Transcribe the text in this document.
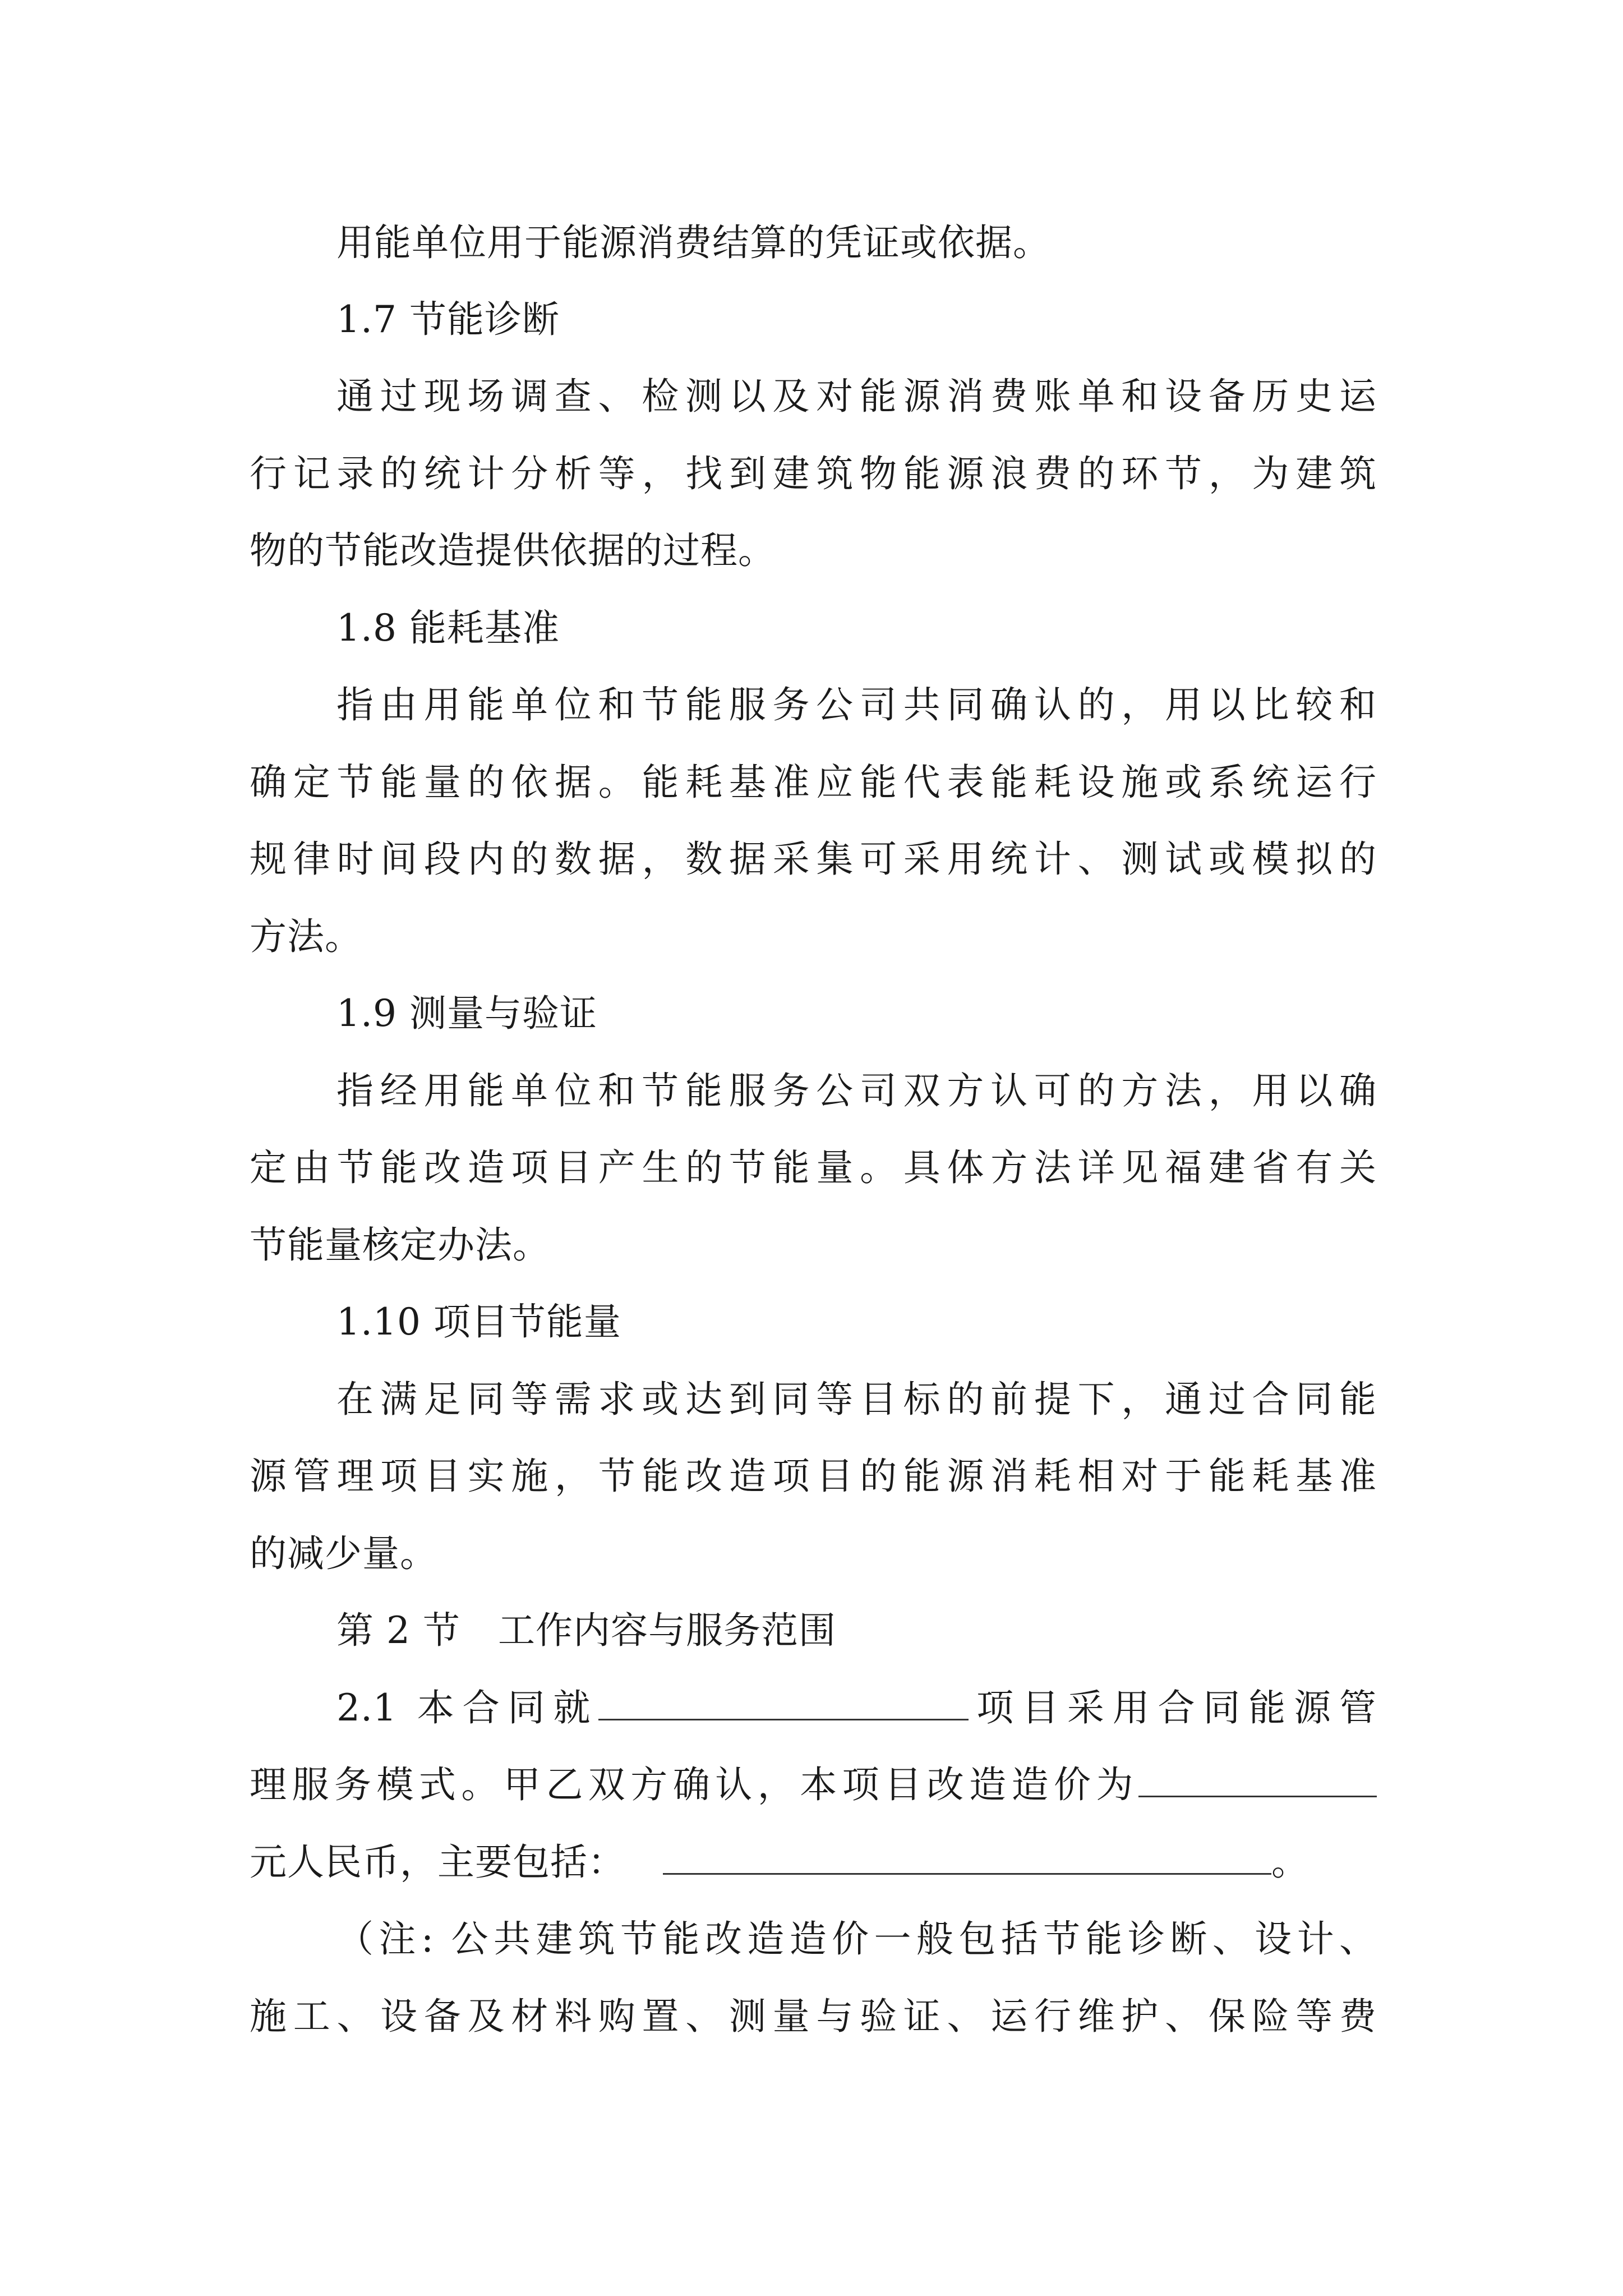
用能单位用于能源消费结算的凭证或依据。
1.7 节能诊断
通过现场调查、检测以及对能源消费账单和设备历史运
行记录的统计分析等，找到建筑物能源浪费的环节，为建筑
物的节能改造提供依据的过程。
1.8 能耗基准
指由用能单位和节能服务公司共同确认的，用以比较和
确定节能量的依据。能耗基准应能代表能耗设施或系统运行
规律时间段内的数据，数据采集可采用统计、测试或模拟的
方法。
1.9 测量与验证
指经用能单位和节能服务公司双方认可的方法，用以确
定由节能改造项目产生的节能量。具体方法详见福建省有关
节能量核定办法。
1.10 项目节能量
在满足同等需求或达到同等目标的前提下，通过合同能
源管理项目实施，节能改造项目的能源消耗相对于能耗基准
的减少量。
第 2 节　工作内容与服务范围
2.1 本合同就	项目采用合同能源管
理服务模式。甲乙双方确认，本项目改造造价为
元人民币，主要包括： 	。
（注: 公共建筑节能改造造价一般包括节能诊断、设计、
施工、设备及材料购置、测量与验证、运行维护、保险等费
